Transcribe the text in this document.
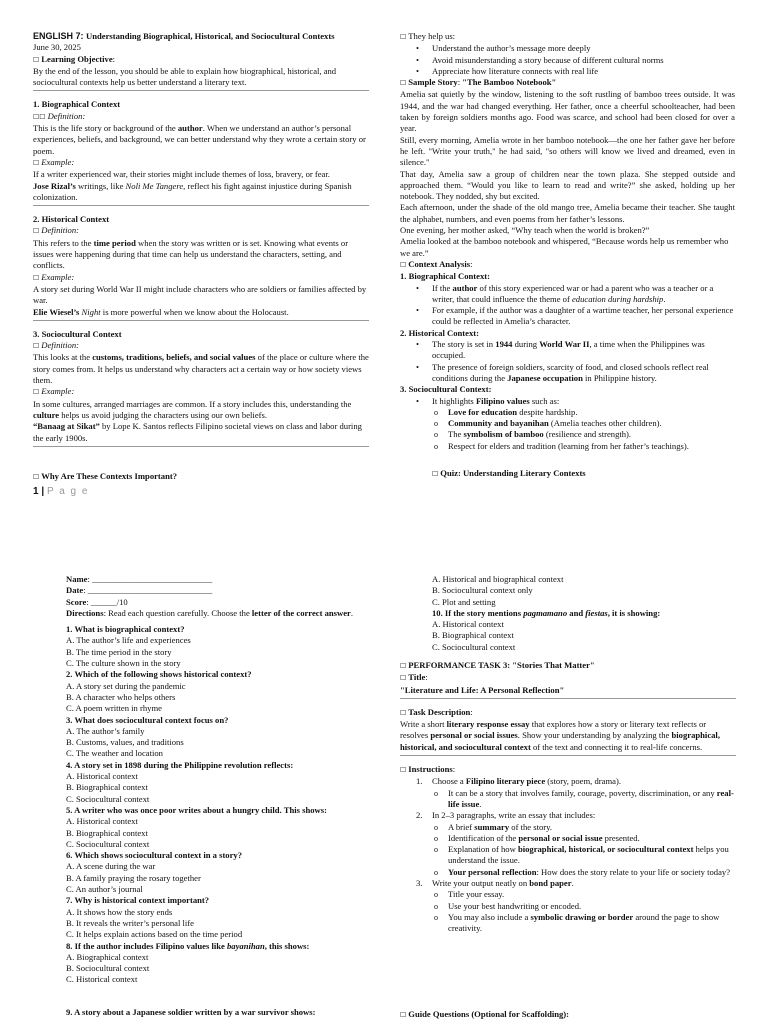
ENGLISH 7: Understanding Biographical, Historical, and Sociocultural Contexts

June 30, 2025

☐ Learning Objective:

By the end of the lesson, you should be able to explain how biographical, historical, and sociocultural contexts help us better understand a literary text.

1. Biographical Context

☐☐ Definition:

This is the life story or background of the author. When we understand an author’s personal experiences, beliefs, and background, we can better understand why they wrote a certain story or poem.

☐ Example:

If a writer experienced war, their stories might include themes of loss, bravery, or fear.

Jose Rizal’s writings, like Noli Me Tangere, reflect his fight against injustice during Spanish colonization.

2. Historical Context

☐ Definition:

This refers to the time period when the story was written or is set. Knowing what events or issues were happening during that time can help us understand the characters, setting, and conflicts.

☐ Example:

A story set during World War II might include characters who are soldiers or families affected by war.

Elie Wiesel’s Night is more powerful when we know about the Holocaust.

3. Sociocultural Context

☐ Definition:

This looks at the customs, traditions, beliefs, and social values of the place or culture where the story comes from. It helps us understand why characters act a certain way or how society views them.

☐ Example:

In some cultures, arranged marriages are common. If a story includes this, understanding the culture helps us avoid judging the characters using our own beliefs.

“Banaag at Sikat” by Lope K. Santos reflects Filipino societal views on class and labor during the early 1900s.

☐ Why Are These Contexts Important?

☐ They help us:

• Understand the author’s message more deeply
• Avoid misunderstanding a story because of different cultural norms
• Appreciate how literature connects with real life

☐ Sample Story: "The Bamboo Notebook"

Amelia sat quietly by the window, listening to the soft rustling of bamboo trees outside. It was 1944, and the war had changed everything. Her father, once a cheerful schoolteacher, had been taken by foreign soldiers months ago. Food was scarce, and school had been closed for over a year.

Still, every morning, Amelia wrote in her bamboo notebook—the one her father gave her before he left. "Write your truth," he had said, "so others will know we lived and dreamed, even in silence."

That day, Amelia saw a group of children near the town plaza. She stepped outside and approached them. “Would you like to learn to read and write?” she asked, holding up her notebook. They nodded, shy but excited.

Each afternoon, under the shade of the old mango tree, Amelia became their teacher. She taught the alphabet, numbers, and even poems from her father’s lessons.

One evening, her mother asked, “Why teach when the world is broken?”

Amelia looked at the bamboo notebook and whispered, “Because words help us remember who we are.”

☐ Context Analysis:

1. Biographical Context:

• If the author of this story experienced war or had a parent who was a teacher or a writer, that could influence the theme of education during hardship.
• For example, if the author was a daughter of a wartime teacher, her personal experience could be reflected in Amelia’s character.

2. Historical Context:

• The story is set in 1944 during World War II, a time when the Philippines was occupied.
• The presence of foreign soldiers, scarcity of food, and closed schools reflect real conditions during the Japanese occupation in Philippine history.

3. Sociocultural Context:

• It highlights Filipino values such as:
o Love for education despite hardship.
o Community and bayanihan (Amelia teaches other children).
o The symbolism of bamboo (resilience and strength).
o Respect for elders and tradition (learning from her father’s teachings).

☐ Quiz: Understanding Literary Contexts

1 | P a g e

Name: ____________________________

Date: _____________________________

Score: ______/10

Directions: Read each question carefully. Choose the letter of the correct answer.

1. What is biographical context?

A. The author’s life and experiences

B. The time period in the story

C. The culture shown in the story

2. Which of the following shows historical context?

A. A story set during the pandemic

B. A character who helps others

C. A poem written in rhyme

3. What does sociocultural context focus on?

A. The author’s family

B. Customs, values, and traditions

C. The weather and location

4. A story set in 1898 during the Philippine revolution reflects:

A. Historical context

B. Biographical context

C. Sociocultural context

5. A writer who was once poor writes about a hungry child. This shows:

A. Historical context

B. Biographical context

C. Sociocultural context

6. Which shows sociocultural context in a story?

A. A scene during the war

B. A family praying the rosary together

C. An author’s journal

7. Why is historical context important?

A. It shows how the story ends

B. It reveals the writer’s personal life

C. It helps explain actions based on the time period

8. If the author includes Filipino values like bayanihan, this shows:

A. Biographical context

B. Sociocultural context

C. Historical context

9. A story about a Japanese soldier written by a war survivor shows:

A. Historical and biographical context

B. Sociocultural context only

C. Plot and setting

10. If the story mentions pagmamano and fiestas, it is showing:

A. Historical context

B. Biographical context

C. Sociocultural context

☐ PERFORMANCE TASK 3: "Stories That Matter"

☐ Title:

"Literature and Life: A Personal Reflection"

☐ Task Description:

Write a short literary response essay that explores how a story or literary text reflects or resolves personal or social issues. Show your understanding by analyzing the biographical, historical, and sociocultural context of the text and connecting it to real-life concerns.

☐ Instructions:

1. Choose a Filipino literary piece (story, poem, drama).
o It can be a story that involves family, courage, poverty, discrimination, or any real-life issue.
2. In 2–3 paragraphs, write an essay that includes:
o A brief summary of the story.
o Identification of the personal or social issue presented.
o Explanation of how biographical, historical, or sociocultural context helps you understand the issue.
o Your personal reflection: How does the story relate to your life or society today?
3. Write your output neatly on bond paper.
o Title your essay.
o Use your best handwriting or encoded.
o You may also include a symbolic drawing or border around the page to show creativity.

☐ Guide Questions (Optional for Scaffolding):
